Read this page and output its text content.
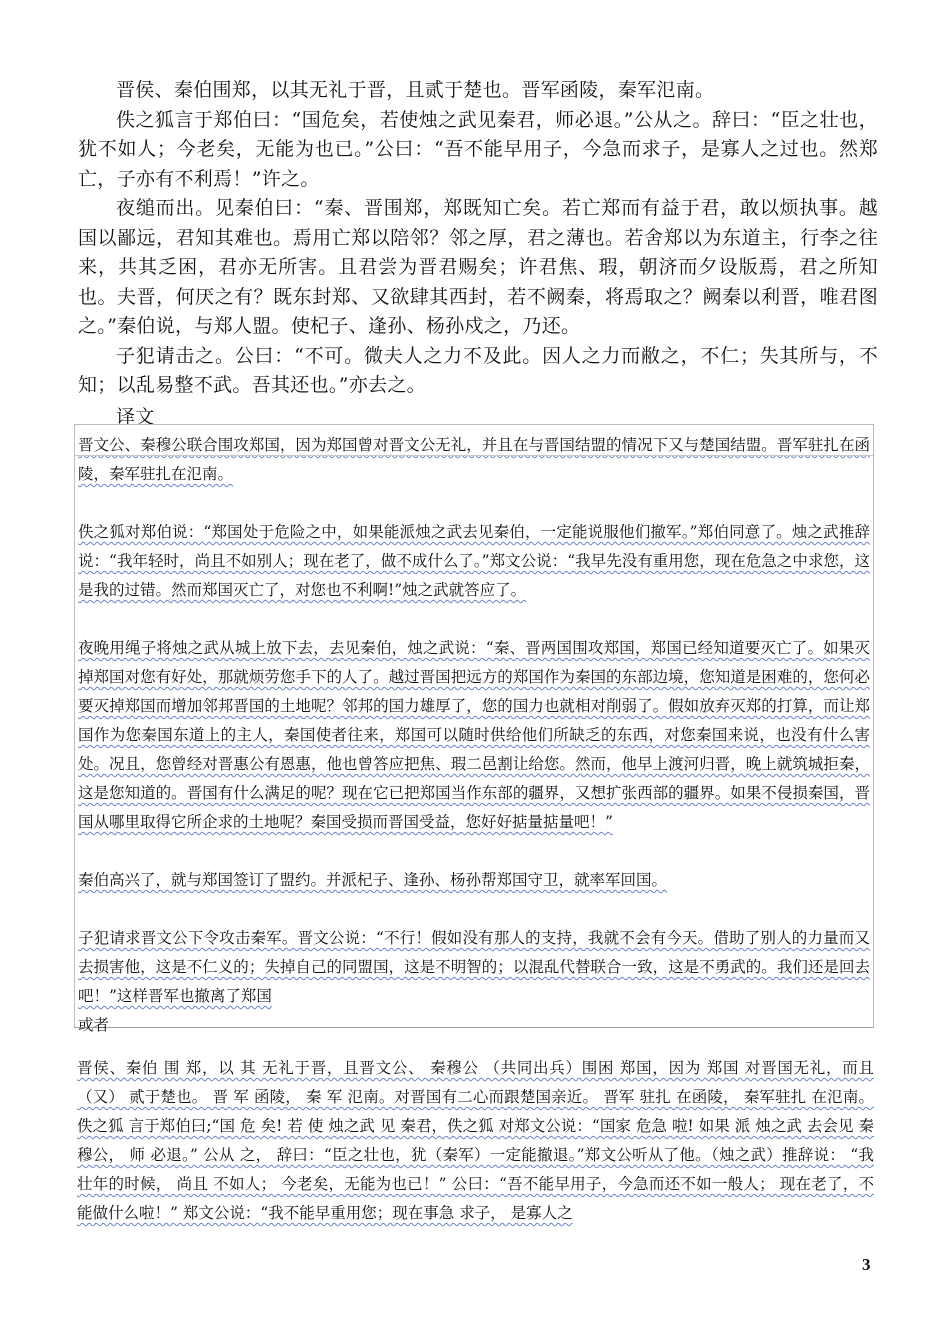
晋侯、秦伯围郑，以其无礼于晋，且贰于楚也。晋军函陵，秦军氾南。

佚之狐言于郑伯曰：“国危矣，若使烛之武见秦君，师必退。”公从之。辞曰：“臣之壮也，犹不如人；今老矣，无能为也已。”公曰：“吾不能早用子，今急而求子，是寡人之过也。然郑亡，子亦有不利焉！”许之。

夜缒而出。见秦伯曰：“秦、晋围郑，郑既知亡矣。若亡郑而有益于君，敢以烦执事。越国以鄙远，君知其难也。焉用亡郑以陪邻？邻之厚，君之薄也。若舍郑以为东道主，行李之往来，共其乏困，君亦无所害。且君尝为晋君赐矣；许君焦、瑕，朝济而夕设版焉，君之所知也。夫晋，何厌之有？既东封郑、又欲肆其西封，若不阙秦，将焉取之？阙秦以利晋，唯君图之。”秦伯说，与郑人盟。使杞子、逢孙、杨孙戍之，乃还。

子犯请击之。公曰：“不可。微夫人之力不及此。因人之力而敝之，不仁；失其所与，不知；以乱易整不武。吾其还也。”亦去之。

译文

晋文公、秦穆公联合围攻郑国，因为郑国曾对晋文公无礼，并且在与晋国结盟的情况下又与楚国结盟。晋军驻扎在函陵，秦军驻扎在氾南。

佚之狐对郑伯说：“郑国处于危险之中，如果能派烛之武去见秦伯，一定能说服他们撤军。”郑伯同意了。烛之武推辞说：“我年轻时，尚且不如别人；现在老了，做不成什么了。”郑文公说：“我早先没有重用您，现在危急之中求您，这是我的过错。然而郑国灭亡了，对您也不利啊!”烛之武就答应了。

夜晚用绳子将烛之武从城上放下去，去见秦伯，烛之武说：“秦、晋两国围攻郑国，郑国已经知道要灭亡了。如果灭掉郑国对您有好处，那就烦劳您手下的人了。越过晋国把远方的郑国作为秦国的东部边境，您知道是困难的，您何必要灭掉郑国而增加邻邦晋国的土地呢？邻邦的国力雄厚了，您的国力也就相对削弱了。假如放弃灭郑的打算，而让郑国作为您秦国东道上的主人，秦国使者往来，郑国可以随时供给他们所缺乏的东西，对您秦国来说，也没有什么害处。况且，您曾经对晋惠公有恩惠，他也曾答应把焦、瑕二邑割让给您。然而，他早上渡河归晋，晚上就筑城拒秦，这是您知道的。晋国有什么满足的呢？现在它已把郑国当作东部的疆界，又想扩张西部的疆界。如果不侵损秦国，晋国从哪里取得它所企求的土地呢？秦国受损而晋国受益，您好好掂量掂量吧！”

秦伯高兴了，就与郑国签订了盟约。并派杞子、逢孙、杨孙帮郑国守卫，就率军回国。

子犯请求晋文公下令攻击秦军。晋文公说：“不行！假如没有那人的支持，我就不会有今天。借助了别人的力量而又去损害他，这是不仁义的；失掉自己的同盟国，这是不明智的；以混乱代替联合一致，这是不勇武的。我们还是回去吧！”这样晋军也撤离了郑国

或者

晋侯、秦伯 围 郑，以 其 无礼于晋，且晋文公、 秦穆公 （共同出兵）围困 郑国，因为 郑国 对晋国无礼，而且 （又） 贰于楚也。 晋 军 函陵， 秦 军 氾南。对晋国有二心而跟楚国亲近。 晋军 驻扎 在函陵， 秦军驻扎 在氾南。佚之狐 言于郑伯曰;“国 危 矣! 若 使 烛之武 见 秦君，佚之狐 对郑文公说：“国家 危急 啦! 如果 派 烛之武 去会见 秦穆公， 师 必退。” 公从 之， 辞曰：“臣之壮也，犹（秦军）一定能撤退。”郑文公听从了他。（烛之武）推辞说： “我壮年的时候， 尚且 不如人； 今老矣，无能为也已！” 公曰：“吾不能早用子，今急而还不如一般人； 现在老了，不能做什么啦！” 郑文公说：“我不能早重用您；现在事急 求子， 是寡人之

3
